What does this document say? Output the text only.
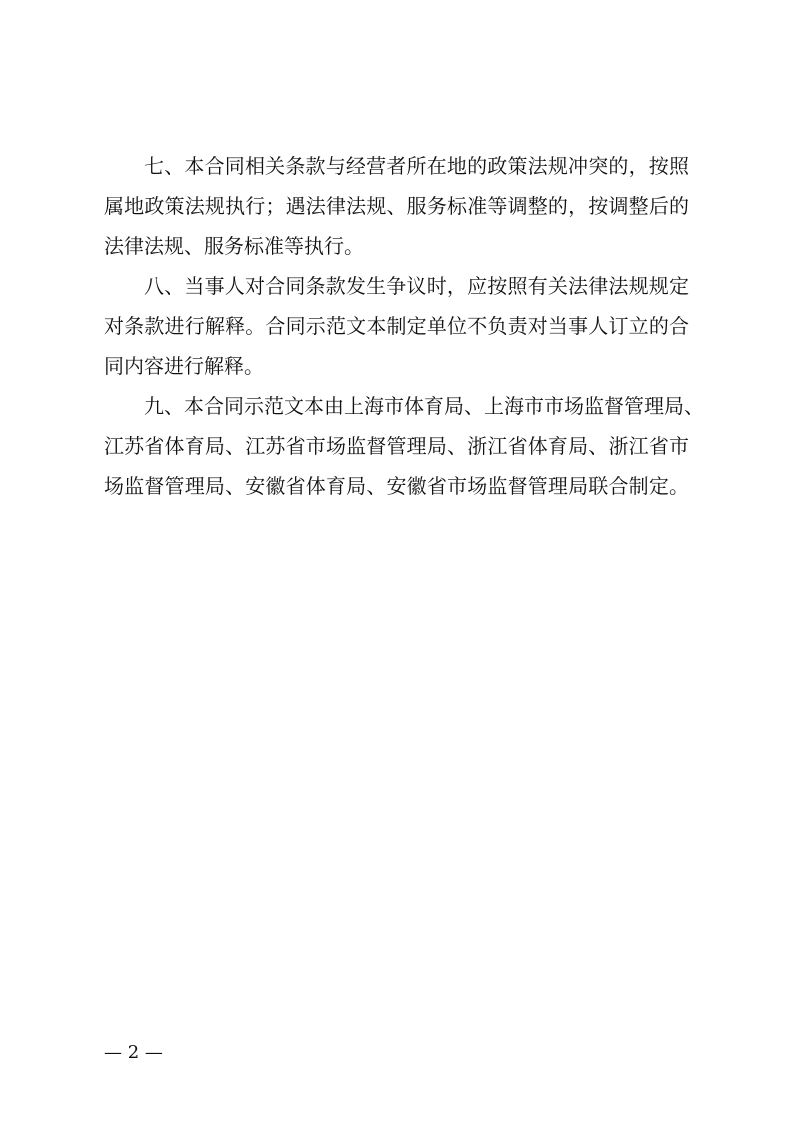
七、本合同相关条款与经营者所在地的政策法规冲突的，按照
属地政策法规执行；遇法律法规、服务标准等调整的，按调整后的
法律法规、服务标准等执行。
八、当事人对合同条款发生争议时，应按照有关法律法规规定
对条款进行解释。合同示范文本制定单位不负责对当事人订立的合
同内容进行解释。
九、本合同示范文本由上海市体育局、上海市市场监督管理局、
江苏省体育局、江苏省市场监督管理局、浙江省体育局、浙江省市
场监督管理局、安徽省体育局、安徽省市场监督管理局联合制定。
— 2 —
